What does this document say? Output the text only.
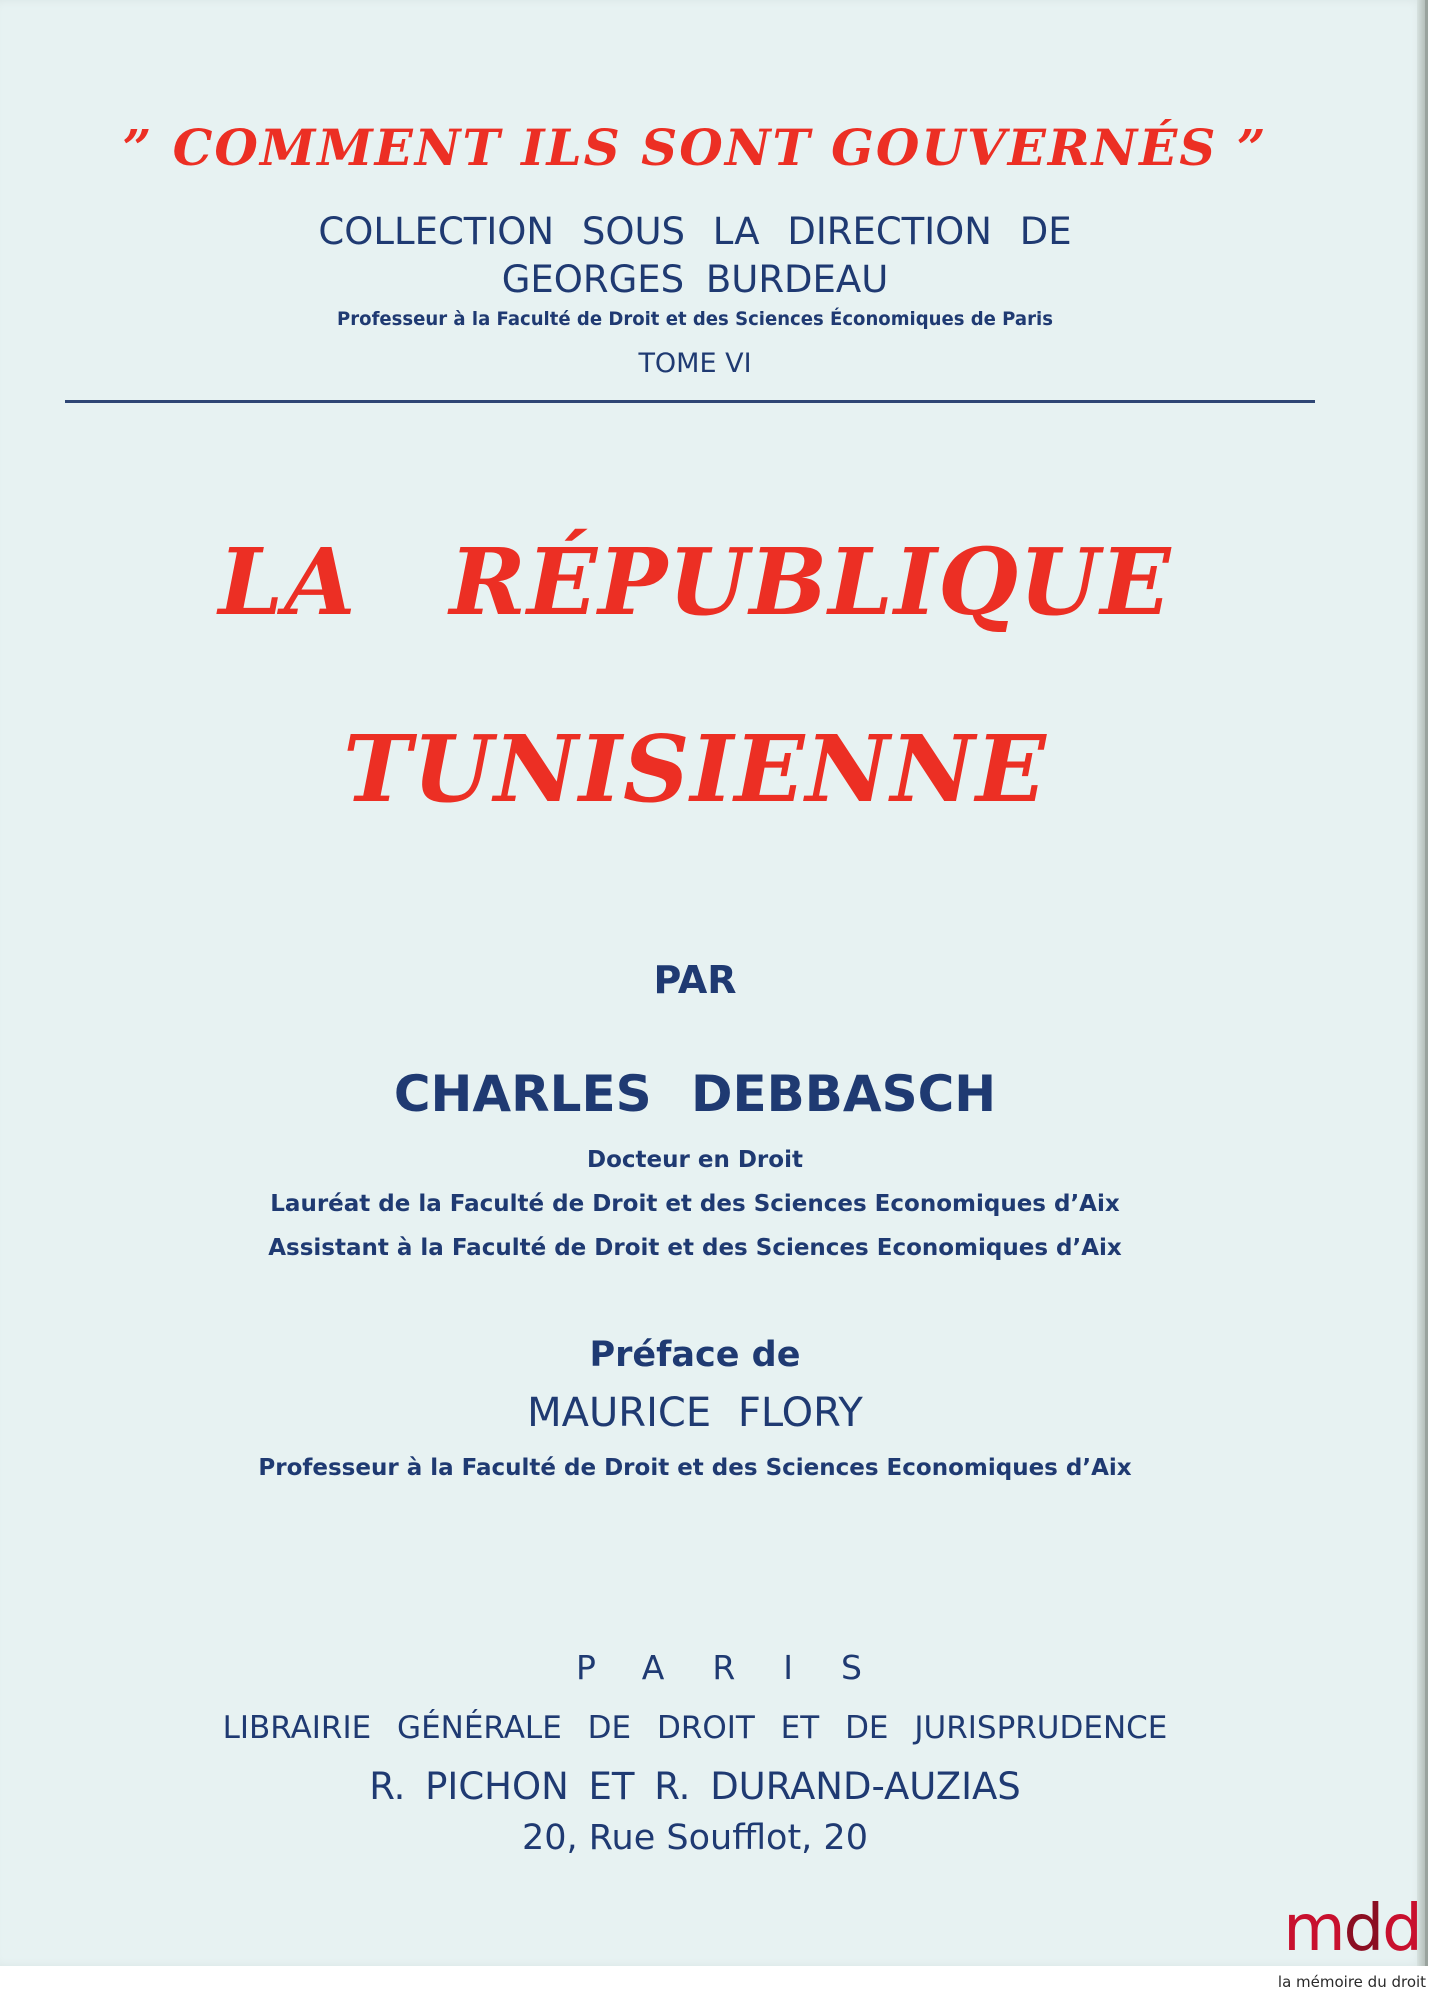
” COMMENT ILS SONT GOUVERNÉS ”
COLLECTION SOUS LA DIRECTION DE
GEORGES BURDEAU
Professeur à la Faculté de Droit et des Sciences Économiques de Paris
TOME VI
LA RÉPUBLIQUE
TUNISIENNE
PAR
CHARLES DEBBASCH
Docteur en Droit
Lauréat de la Faculté de Droit et des Sciences Economiques d’Aix
Assistant à la Faculté de Droit et des Sciences Economiques d’Aix
Préface de
MAURICE FLORY
Professeur à la Faculté de Droit et des Sciences Economiques d’Aix
PARIS
LIBRAIRIE GÉNÉRALE DE DROIT ET DE JURISPRUDENCE
R. PICHON ET R. DURAND-AUZIAS
20, Rue Soufflot, 20
mdd
la mémoire du droit
